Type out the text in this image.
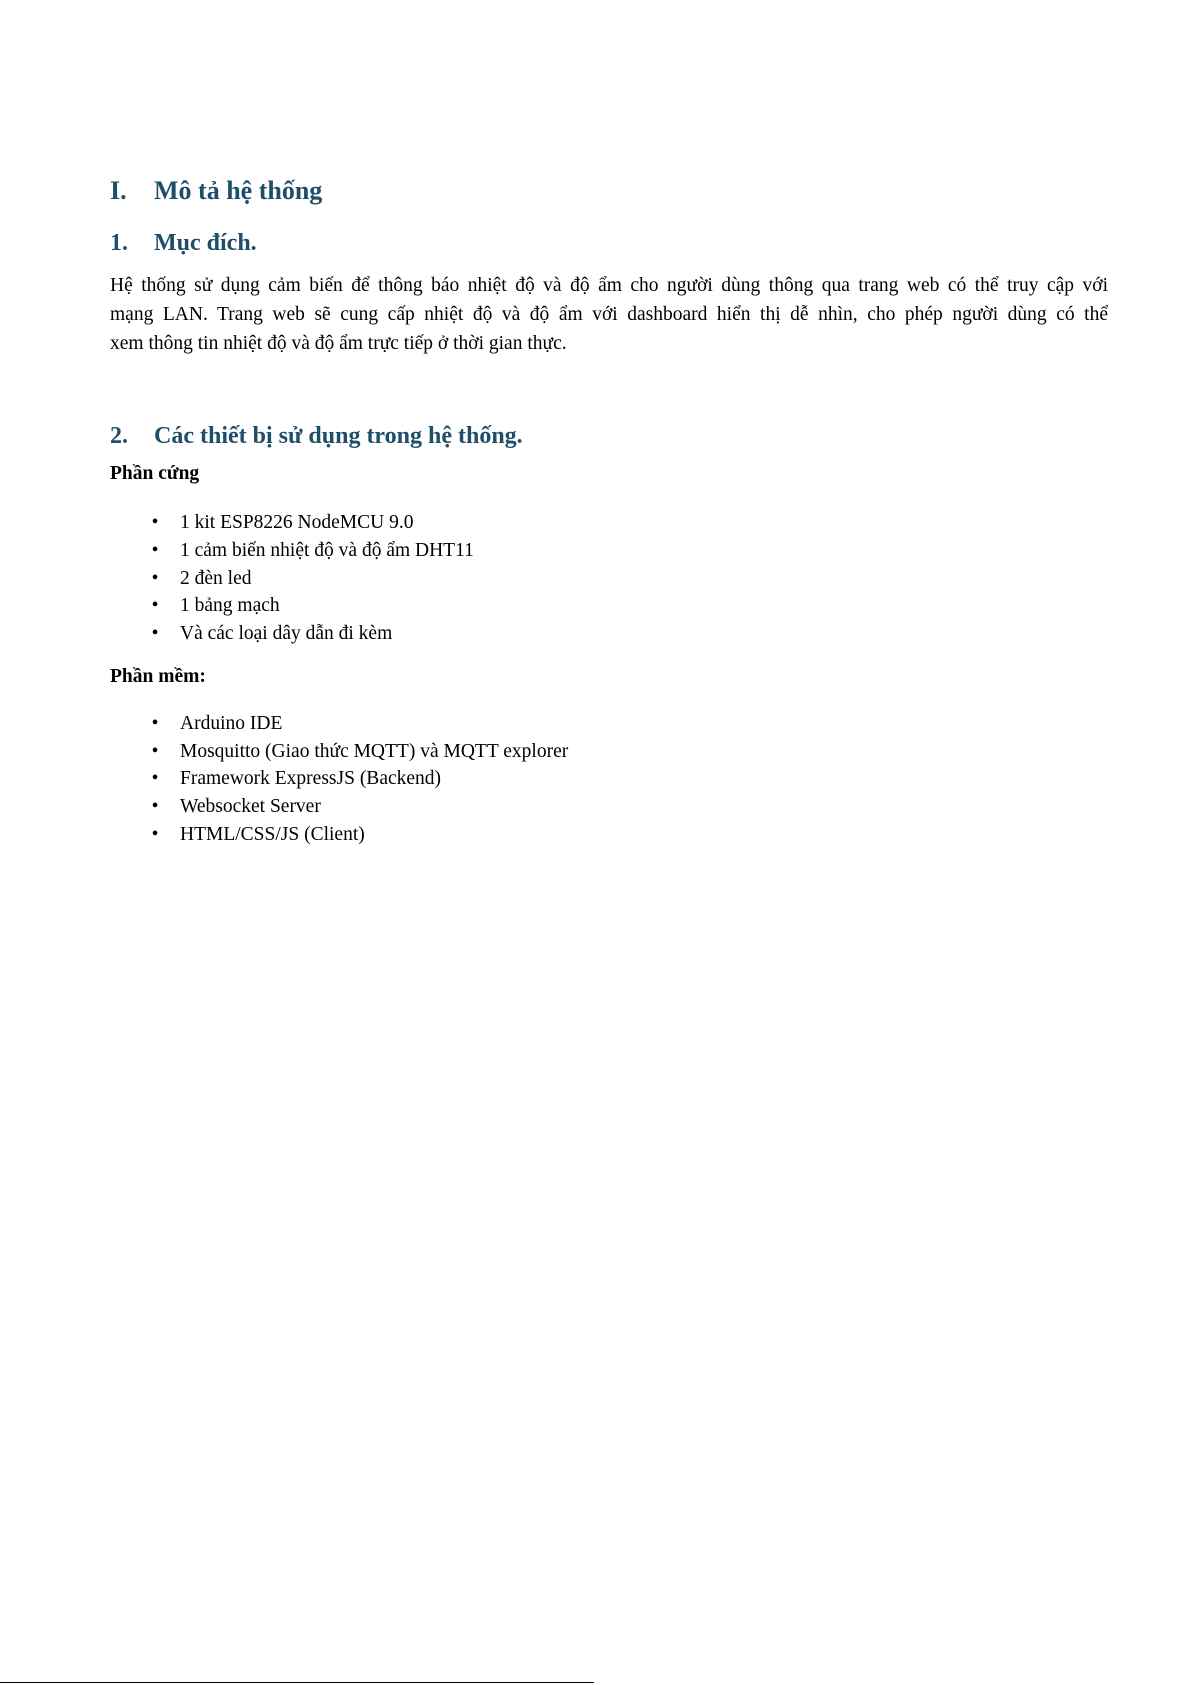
I.	Mô tả hệ thống
1.	Mục đích.
Hệ thống sử dụng cảm biến để thông báo nhiệt độ và độ ẩm cho người dùng thông qua trang web có thể truy cập với
mạng LAN. Trang web sẽ cung cấp nhiệt độ và độ ẩm với dashboard hiển thị dễ nhìn, cho phép người dùng có thể
xem thông tin nhiệt độ và độ ẩm trực tiếp ở thời gian thực.
2.	Các thiết bị sử dụng trong hệ thống.
Phần cứng
• 1 kit ESP8226 NodeMCU 9.0
• 1 cảm biến nhiệt độ và độ ẩm DHT11
• 2 đèn led
• 1 bảng mạch
• Và các loại dây dẫn đi kèm
Phần mềm:
• Arduino IDE
• Mosquitto (Giao thức MQTT) và MQTT explorer
• Framework ExpressJS (Backend)
• Websocket Server
• HTML/CSS/JS (Client)
